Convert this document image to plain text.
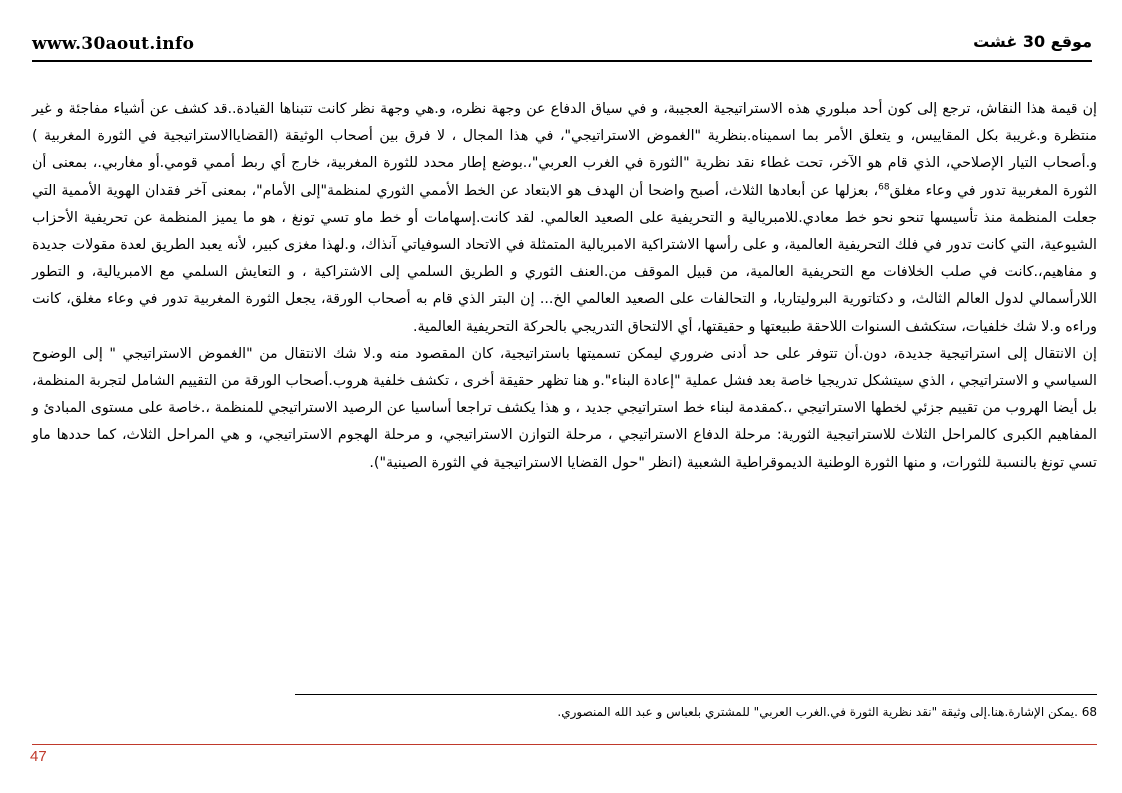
www.30aout.info	موقع 30 غشت

إن قيمة هذا النقاش، ترجع إلى كون أحد مبلوري هذه الاستراتيجية العجيبة، و في سياق الدفاع عن وجهة نظره، و.هي وجهة نظر كانت تتبناها القيادة..قد كشف عن أشياء مفاجئة و غير منتظرة و.غريبة بكل المقاييس، و يتعلق الأمر بما اسميناه.بنظرية "الغموض الاستراتيجي"، في هذا المجال ، لا فرق بين أصحاب الوثيقة (القضاياالاستراتيجية في الثورة المغربية ) و.أصحاب التيار الإصلاحي، الذي قام هو الآخر، تحت غطاء نقد نظرية "الثورة في الغرب العربي"،.بوضع إطار محدد للثورة المغربية، خارج أي ربط أممي قومي.أو مغاربي.، بمعنى أن الثورة المغربية تدور في وعاء مغلق$^{68}$، بعزلها عن أبعادها الثلاث، أصبح واضحا أن الهدف هو الابتعاد عن الخط الأممي الثوري لمنظمة"إلى الأمام"، بمعنى آخر فقدان الهوية الأممية التي جعلت المنظمة منذ تأسيسها تنحو نحو خط معادي.للامبريالية و التحريفية على الصعيد العالمي. لقد كانت.إسهامات أو خط ماو تسي تونغ ، هو ما يميز المنظمة عن تحريفية الأحزاب الشيوعية، التي كانت تدور في فلك التحريفية العالمية، و على رأسها الاشتراكية الامبريالية المتمثلة في الاتحاد السوفياتي آنذاك، و.لهذا مغزى كبير، لأنه يعبد الطريق لعدة مقولات جديدة و مفاهيم،.كانت في صلب الخلافات مع التحريفية العالمية، من قبيل الموقف من.العنف الثوري و الطريق السلمي إلى الاشتراكية ، و التعايش السلمي مع الامبريالية، و التطور اللارأسمالي لدول العالم الثالث، و دكتاتورية البروليتاريا، و التحالفات على الصعيد العالمي الخ... إن البتر الذي قام به أصحاب الورقة، يجعل الثورة المغربية تدور في وعاء مغلق، كانت وراءه و.لا شك خلفيات، ستكشف السنوات اللاحقة طبيعتها و حقيقتها، أي الالتحاق التدريجي بالحركة التحريفية العالمية.

إن الانتقال إلى استراتيجية جديدة، دون.أن تتوفر على حد أدنى ضروري ليمكن تسميتها باستراتيجية، كان المقصود منه و.لا شك الانتقال من "الغموض الاستراتيجي " إلى الوضوح السياسي و الاستراتيجي ، الذي سيتشكل تدريجيا خاصة بعد فشل عملية "إعادة البناء".و هنا تظهر حقيقة أخرى ، تكشف خلفية هروب.أصحاب الورقة من التقييم الشامل لتجربة المنظمة، بل أيضا الهروب من تقييم جزئي لخطها الاستراتيجي ،.كمقدمة لبناء خط استراتيجي جديد ، و هذا يكشف تراجعا أساسيا عن الرصيد الاستراتيجي للمنظمة ،.خاصة على مستوى المبادئ و المفاهيم الكبرى كالمراحل الثلاث للاستراتيجية الثورية: مرحلة الدفاع الاستراتيجي ، مرحلة التوازن الاستراتيجي، و مرحلة الهجوم الاستراتيجي، و هي المراحل الثلاث، كما حددها ماو تسي تونغ بالنسبة للثورات، و منها الثورة الوطنية الديموقراطية الشعبية (انظر "حول القضايا الاستراتيجية في الثورة الصينية").

68 .يمكن الإشارة.هنا.إلى وثيقة "نقد نظرية الثورة في.الغرب العربي" للمشتري بلعباس و عبد الله المنصوري.
47
